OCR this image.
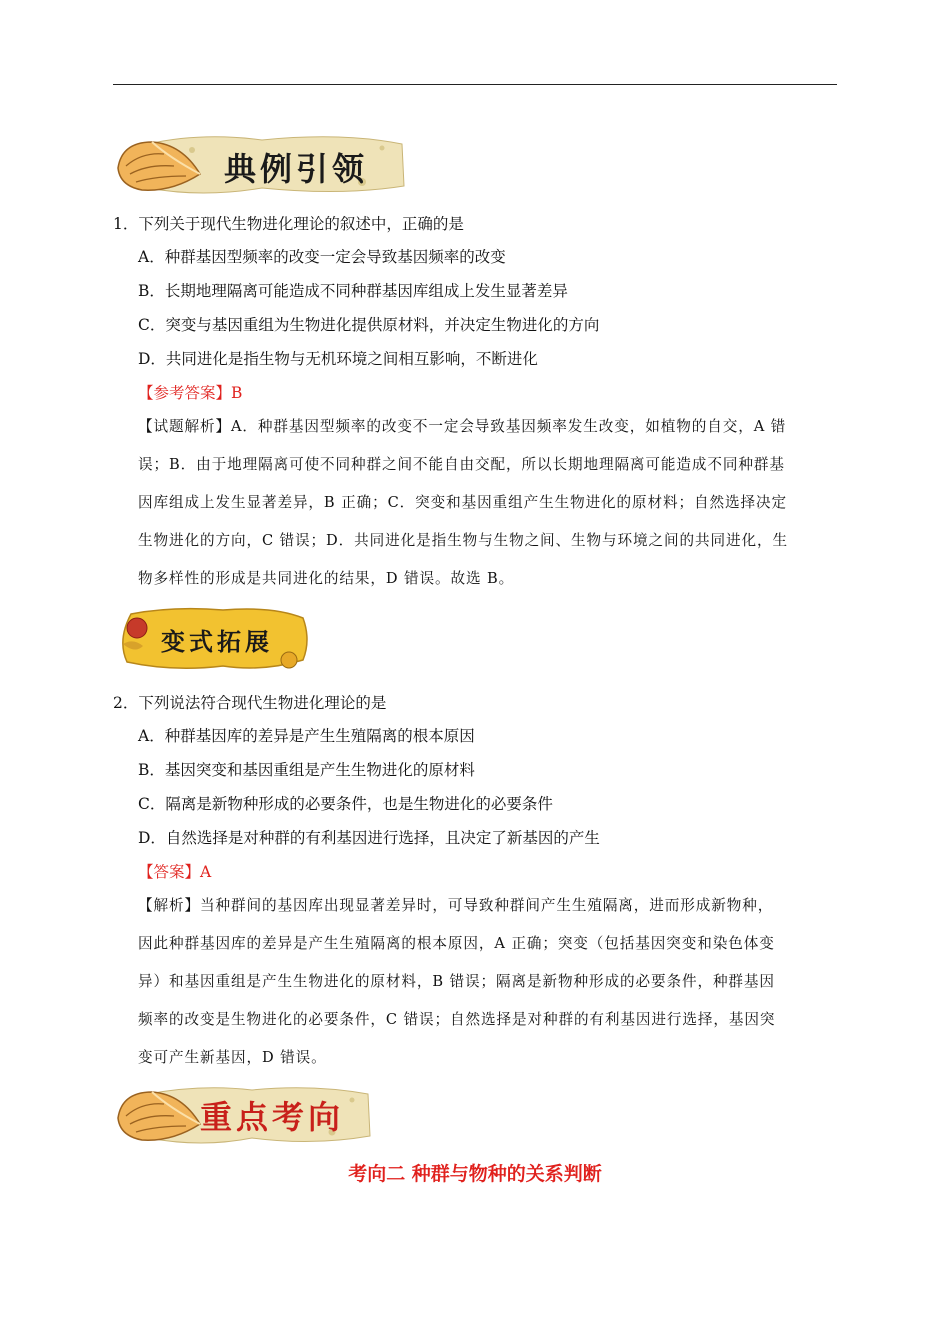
典例引领
1．下列关于现代生物进化理论的叙述中，正确的是
A．种群基因型频率的改变一定会导致基因频率的改变
B．长期地理隔离可能造成不同种群基因库组成上发生显著差异
C．突变与基因重组为生物进化提供原材料，并决定生物进化的方向
D．共同进化是指生物与无机环境之间相互影响，不断进化
【参考答案】B
【试题解析】A．种群基因型频率的改变不一定会导致基因频率发生改变，如植物的自交，A 错
误；B．由于地理隔离可使不同种群之间不能自由交配，所以长期地理隔离可能造成不同种群基
因库组成上发生显著差异，B 正确；C．突变和基因重组产生生物进化的原材料；自然选择决定
生物进化的方向，C 错误；D．共同进化是指生物与生物之间、生物与环境之间的共同进化，生
物多样性的形成是共同进化的结果，D 错误。故选 B。
变式拓展
2．下列说法符合现代生物进化理论的是
A．种群基因库的差异是产生生殖隔离的根本原因
B．基因突变和基因重组是产生生物进化的原材料
C．隔离是新物种形成的必要条件，也是生物进化的必要条件
D．自然选择是对种群的有利基因进行选择，且决定了新基因的产生
【答案】A
【解析】当种群间的基因库出现显著差异时，可导致种群间产生生殖隔离，进而形成新物种，
因此种群基因库的差异是产生生殖隔离的根本原因，A 正确；突变（包括基因突变和染色体变
异）和基因重组是产生生物进化的原材料，B 错误；隔离是新物种形成的必要条件，种群基因
频率的改变是生物进化的必要条件，C 错误；自然选择是对种群的有利基因进行选择，基因突
变可产生新基因，D 错误。
重点考向
考向二 种群与物种的关系判断
